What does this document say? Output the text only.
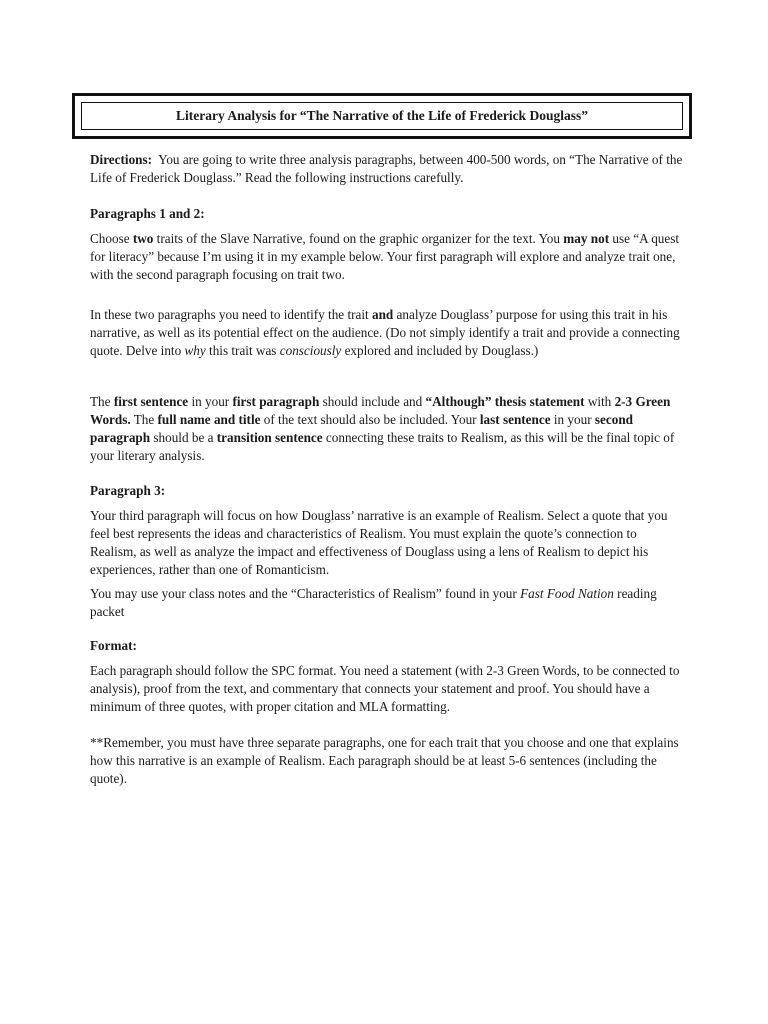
Literary Analysis for “The Narrative of the Life of Frederick Douglass”

Directions: You are going to write three analysis paragraphs, between 400-500 words, on “The Narrative of the Life of Frederick Douglass.” Read the following instructions carefully.

Paragraphs 1 and 2:

Choose two traits of the Slave Narrative, found on the graphic organizer for the text. You may not use “A quest for literacy” because I’m using it in my example below. Your first paragraph will explore and analyze trait one, with the second paragraph focusing on trait two.

In these two paragraphs you need to identify the trait and analyze Douglass’ purpose for using this trait in his narrative, as well as its potential effect on the audience. (Do not simply identify a trait and provide a connecting quote. Delve into why this trait was consciously explored and included by Douglass.)

The first sentence in your first paragraph should include and “Although” thesis statement with 2-3 Green Words. The full name and title of the text should also be included. Your last sentence in your second paragraph should be a transition sentence connecting these traits to Realism, as this will be the final topic of your literary analysis.

Paragraph 3:

Your third paragraph will focus on how Douglass’ narrative is an example of Realism. Select a quote that you feel best represents the ideas and characteristics of Realism. You must explain the quote’s connection to Realism, as well as analyze the impact and effectiveness of Douglass using a lens of Realism to depict his experiences, rather than one of Romanticism.

You may use your class notes and the “Characteristics of Realism” found in your Fast Food Nation reading packet

Format:

Each paragraph should follow the SPC format. You need a statement (with 2-3 Green Words, to be connected to analysis), proof from the text, and commentary that connects your statement and proof. You should have a minimum of three quotes, with proper citation and MLA formatting.

**Remember, you must have three separate paragraphs, one for each trait that you choose and one that explains how this narrative is an example of Realism. Each paragraph should be at least 5-6 sentences (including the quote).
